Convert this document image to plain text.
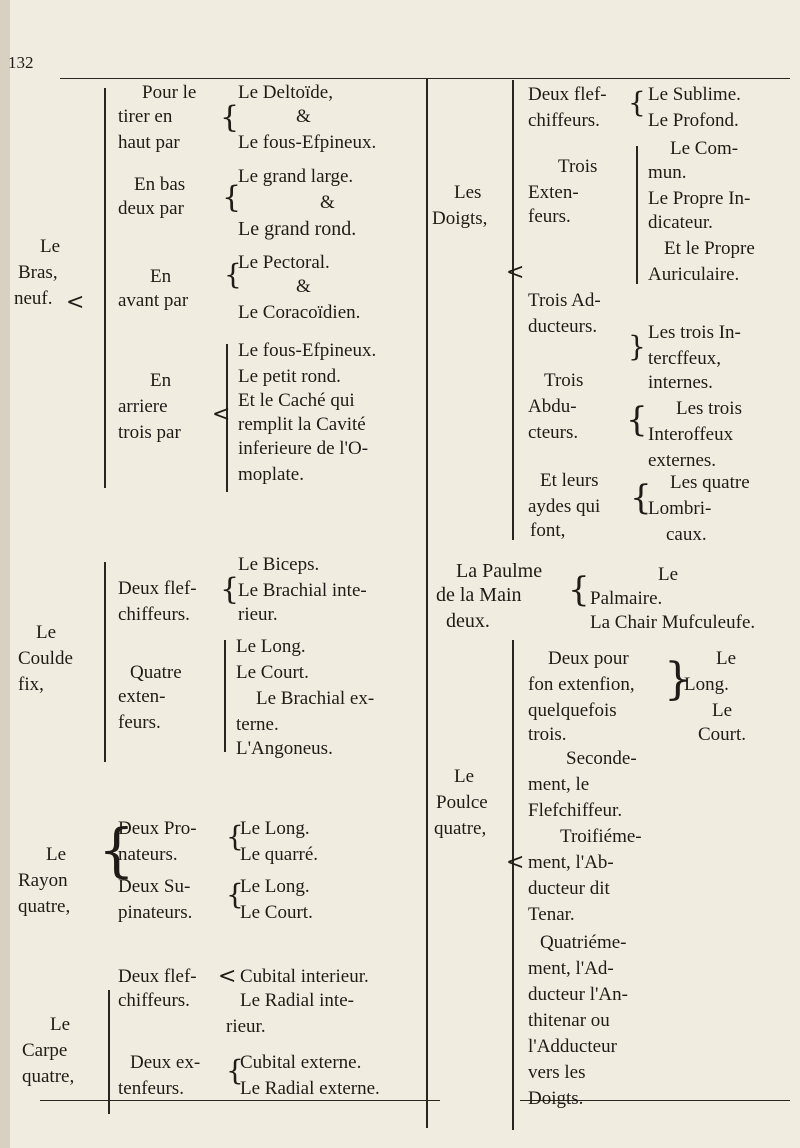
132
Le
Bras,
neuf. <
Pour le
tirer en
haut par
{
Le Deltoïde,
&
Le fous-Efpineux.
En bas
deux par {
Le grand large.
&
Le grand rond.
En
avant par
{
Le Pectoral.
&
Le Coracoïdien.
En
arriere
trois par
<
Le fous-Efpineux.
Le petit rond.
Et le Caché qui
remplit la Cavité
inferieure de l'O-
moplate.
Le
Coulde
fix,
Deux flef-
chiffeurs.
{
Le Biceps.
Le Brachial inte-
rieur.
Quatre
exten-
feurs.
Le Long.
Le Court.
Le Brachial ex-
terne.
L'Angoneus.
Le
Rayon
quatre,
{
Deux Pro-
nateurs.
{
Le Long.
Le quarré.
Deux Su-
pinateurs.
{
Le Long.
Le Court.
Le
Carpe
quatre,
Deux flef-
chiffeurs.
< Cubital interieur.
Le Radial inte-
rieur.
Deux ex-
tenfeurs.
{
Cubital externe.
Le Radial externe.
Les
Doigts,
<
Deux flef-
chiffeurs.
{ Le Sublime.
Le Profond.
Trois
Exten-
feurs.
Le Com-
mun.
Le Propre In-
dicateur.
Et le Propre
Auriculaire.
Trois Ad-
ducteurs.
} Les trois In-
tercffeux,
internes.
Trois
Abdu-
cteurs. { Les trois
Interoffeux
externes.
Et leurs
aydes qui
font,
{ Les quatre
Lombri-
caux.
La Paulme
de la Main
deux.
{	Le
Palmaire.
La Chair Mufculeufe.
Le
Poulce
quatre,
<
Deux pour
fon extenfion,
quelquefois
trois.
Seconde-
ment, le
Flefchiffeur.
Troifiéme-
ment, l'Ab-
ducteur dit
Tenar.
Quatriéme-
ment, l'Ad-
ducteur l'An-
thitenar ou
l'Adducteur
vers les
Doigts.
} Le
Long.
Le
Court.
